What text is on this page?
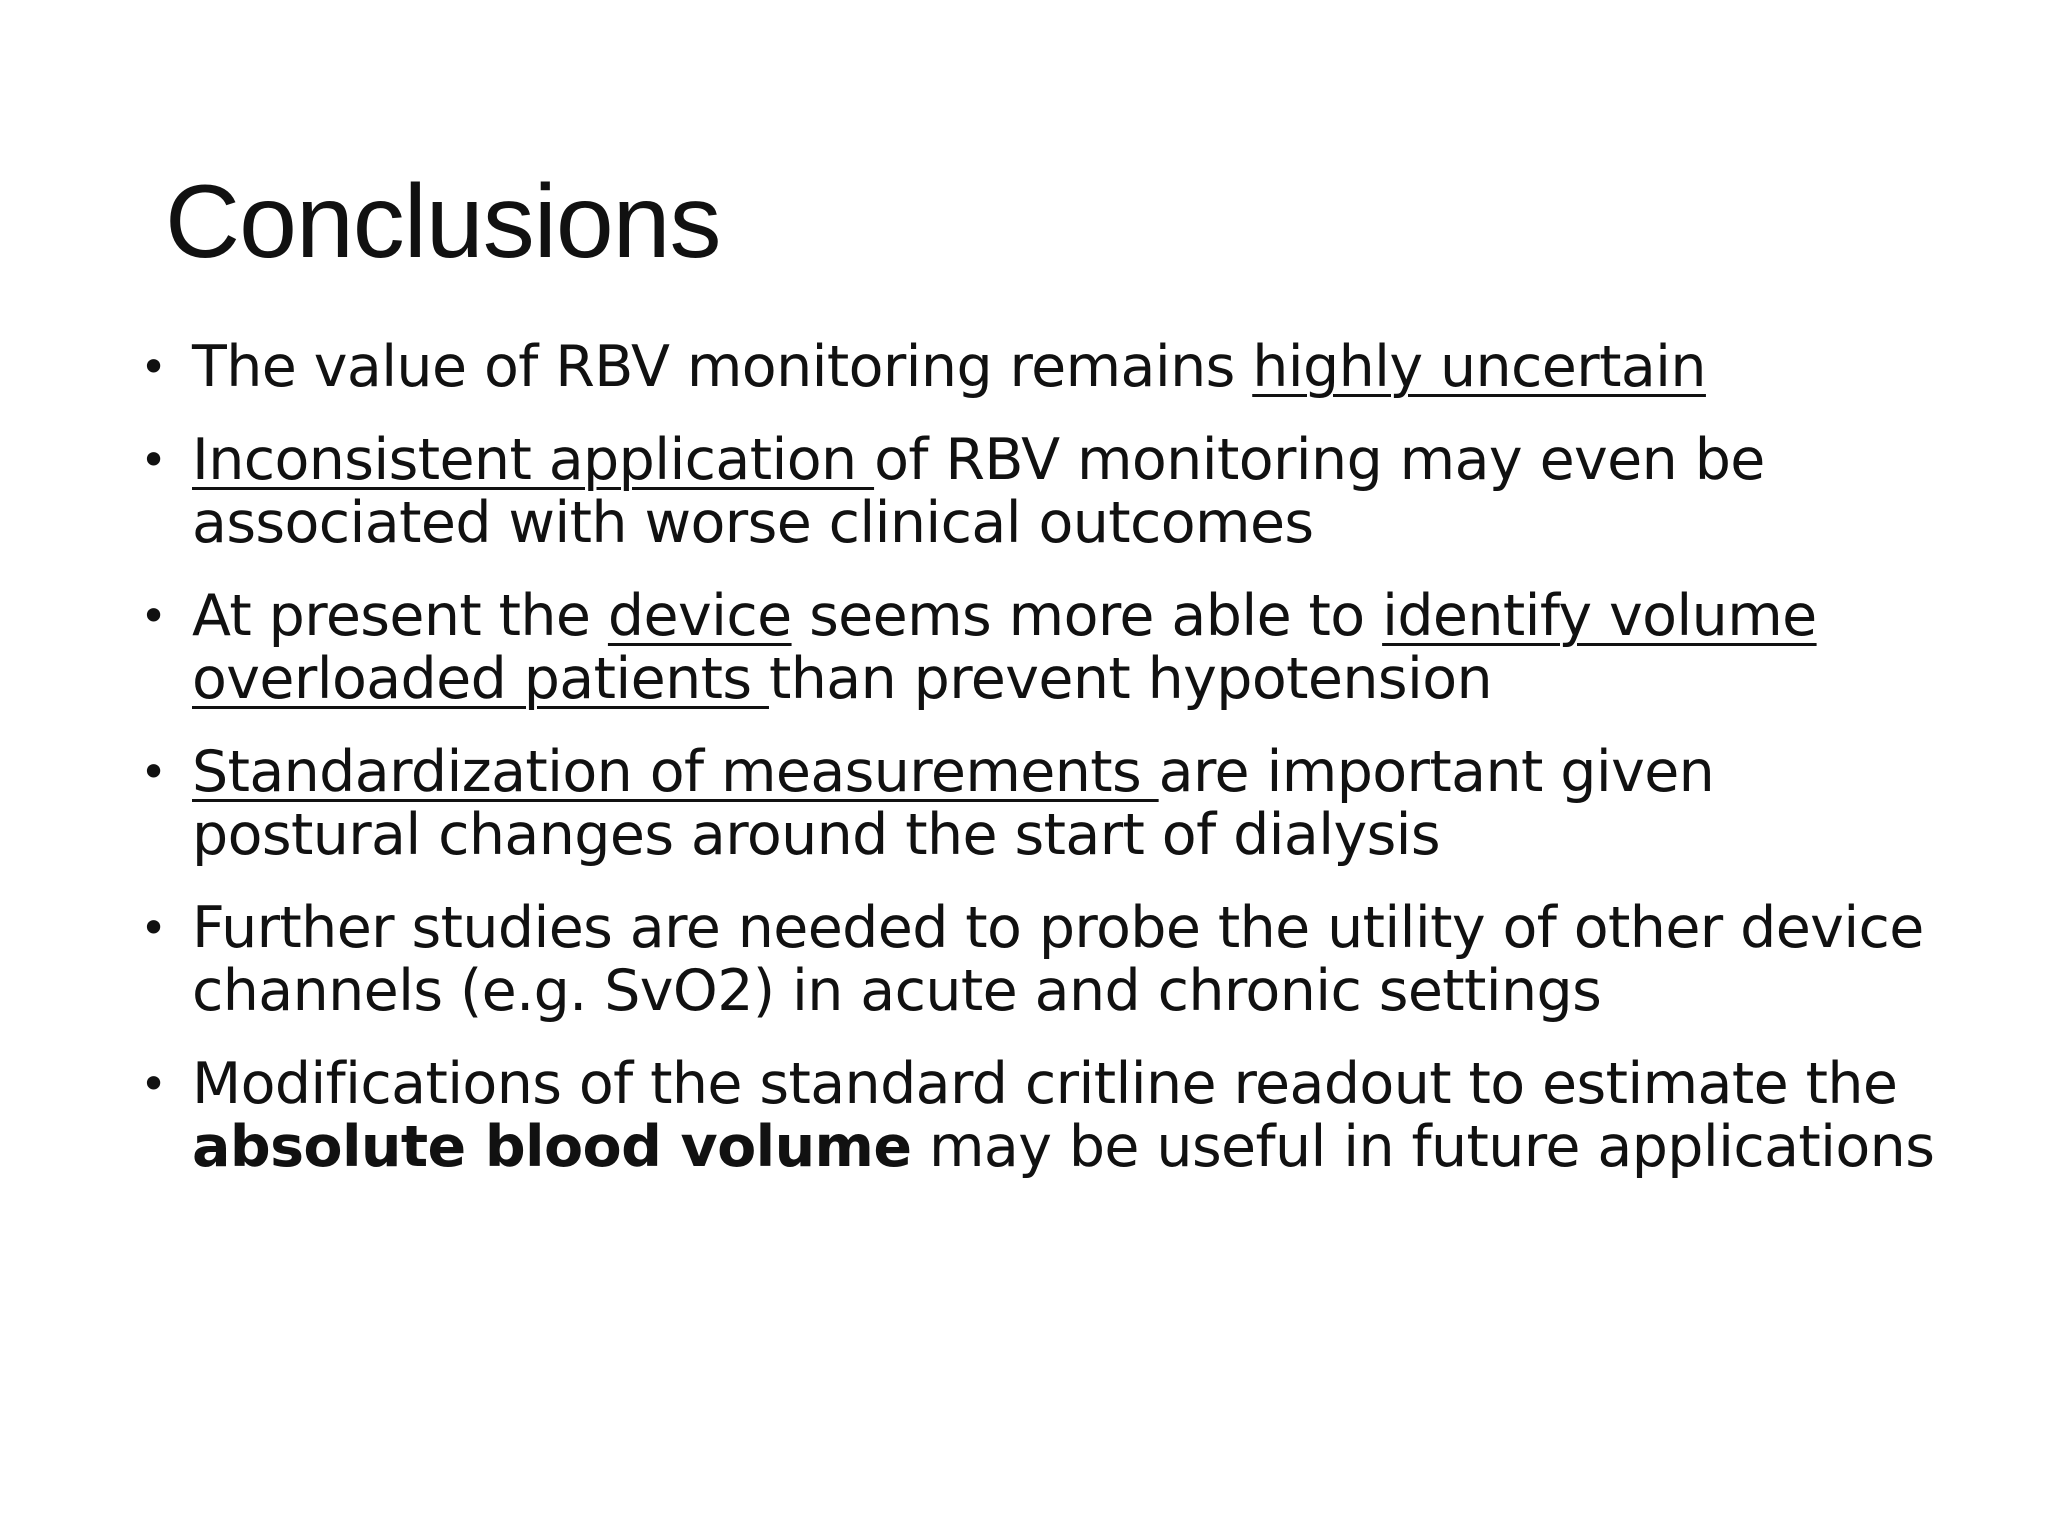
Conclusions
• The value of RBV monitoring remains highly uncertain
• Inconsistent application of RBV monitoring may even be associated with worse clinical outcomes
• At present the device seems more able to identify volume overloaded patients than prevent hypotension
• Standardization of measurements are important given postural changes around the start of dialysis
• Further studies are needed to probe the utility of other device channels (e.g. SvO2) in acute and chronic settings
• Modifications of the standard critline readout to estimate the absolute blood volume may be useful in future applications
